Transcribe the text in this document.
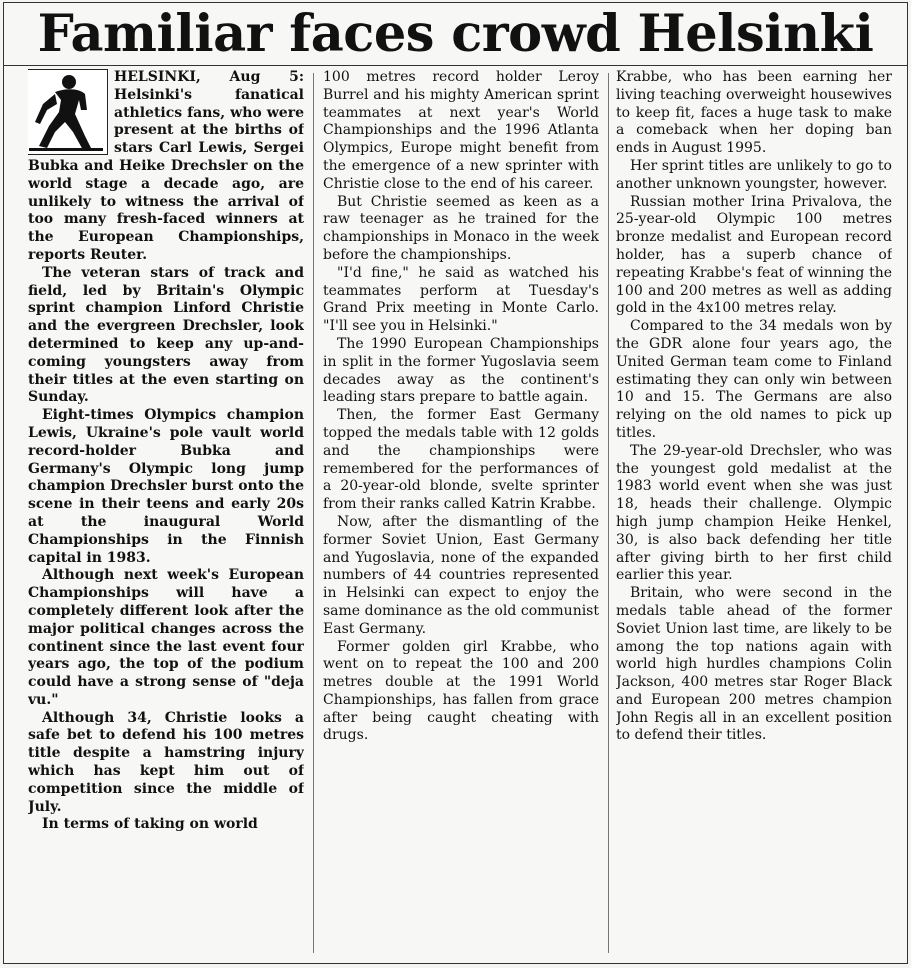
Familiar faces crowd Helsinki

HELSINKI, Aug 5: Helsinki's fanatical athletics fans, who were present at the births of stars Carl Lewis, Sergei Bubka and Heike Drechsler on the world stage a decade ago, are unlikely to witness the arrival of too many fresh-faced winners at the European Championships, reports Reuter.

The veteran stars of track and field, led by Britain's Olympic sprint champion Linford Christie and the evergreen Drechsler, look determined to keep any up-and-coming youngsters away from their titles at the even starting on Sunday.

Eight-times Olympics champion Lewis, Ukraine's pole vault world record-holder Bubka and Germany's Olympic long jump champion Drechsler burst onto the scene in their teens and early 20s at the inaugural World Championships in the Finnish capital in 1983.

Although next week's European Championships will have a completely different look after the major political changes across the continent since the last event four years ago, the top of the podium could have a strong sense of "deja vu."

Although 34, Christie looks a safe bet to defend his 100 metres title despite a hamstring injury which has kept him out of competition since the middle of July.

In terms of taking on world

100 metres record holder Leroy Burrel and his mighty American sprint teammates at next year's World Championships and the 1996 Atlanta Olympics, Europe might benefit from the emergence of a new sprinter with Christie close to the end of his career.

But Christie seemed as keen as a raw teenager as he trained for the championships in Monaco in the week before the championships.

"I'd fine," he said as watched his teammates perform at Tuesday's Grand Prix meeting in Monte Carlo. "I'll see you in Helsinki."

The 1990 European Championships in split in the former Yugoslavia seem decades away as the continent's leading stars prepare to battle again.

Then, the former East Germany topped the medals table with 12 golds and the championships were remembered for the performances of a 20-year-old blonde, svelte sprinter from their ranks called Katrin Krabbe.

Now, after the dismantling of the former Soviet Union, East Germany and Yugoslavia, none of the expanded numbers of 44 countries represented in Helsinki can expect to enjoy the same dominance as the old communist East Germany.

Former golden girl Krabbe, who went on to repeat the 100 and 200 metres double at the 1991 World Championships, has fallen from grace after being caught cheating with drugs.

Krabbe, who has been earning her living teaching overweight housewives to keep fit, faces a huge task to make a comeback when her doping ban ends in August 1995.

Her sprint titles are unlikely to go to another unknown youngster, however.

Russian mother Irina Privalova, the 25-year-old Olympic 100 metres bronze medalist and European record holder, has a superb chance of repeating Krabbe's feat of winning the 100 and 200 metres as well as adding gold in the 4x100 metres relay.

Compared to the 34 medals won by the GDR alone four years ago, the United German team come to Finland estimating they can only win between 10 and 15. The Germans are also relying on the old names to pick up titles.

The 29-year-old Drechsler, who was the youngest gold medalist at the 1983 world event when she was just 18, heads their challenge. Olympic high jump champion Heike Henkel, 30, is also back defending her title after giving birth to her first child earlier this year.

Britain, who were second in the medals table ahead of the former Soviet Union last time, are likely to be among the top nations again with world high hurdles champions Colin Jackson, 400 metres star Roger Black and European 200 metres champion John Regis all in an excellent position to defend their titles.
